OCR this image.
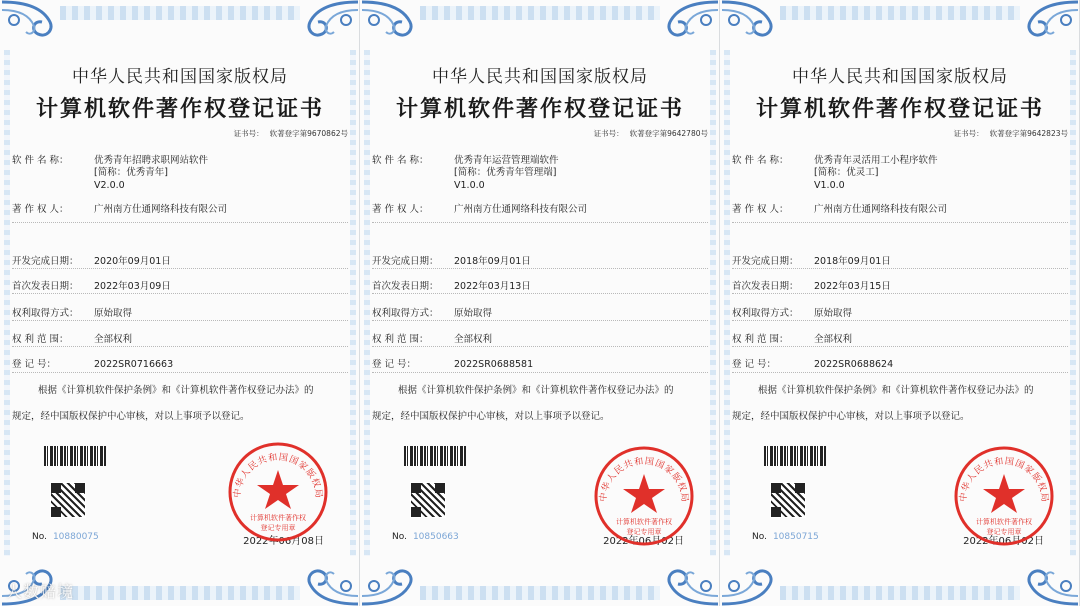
中华人民共和国国家版权局
计算机软件著作权登记证书
证书号： 软著登字第9670862号
软 件 名 称：	优秀青年招聘求职网站软件
[简称：优秀青年]
V2.0.0
著 作 权 人：	广州南方仕通网络科技有限公司
开发完成日期： 2020年09月01日
首次发表日期： 2022年03月09日
权利取得方式： 原始取得
权 利 范 围：	全部权利
登 记 号：	2022SR0716663
根据《计算机软件保护条例》和《计算机软件著作权登记办法》的
规定，经中国版权保护中心审核，对以上事项予以登记。
No. 10880075	2022年06月08日
中华人民共和国国家版权局
计算机软件著作权
登记专用章
中华人民共和国国家版权局
计算机软件著作权登记证书
证书号： 软著登字第9642780号
软 件 名 称：	优秀青年运营管理端软件
[简称：优秀青年管理端]
V1.0.0
著 作 权 人：	广州南方仕通网络科技有限公司
开发完成日期： 2018年09月01日
首次发表日期： 2022年03月13日
权利取得方式： 原始取得
权 利 范 围：	全部权利
登 记 号：	2022SR0688581
根据《计算机软件保护条例》和《计算机软件著作权登记办法》的
规定，经中国版权保护中心审核，对以上事项予以登记。
No. 10850663	2022年06月02日
中华人民共和国国家版权局
计算机软件著作权
登记专用章
中华人民共和国国家版权局
计算机软件著作权登记证书
证书号： 软著登字第9642823号
软 件 名 称：	优秀青年灵活用工小程序软件
[简称：优灵工]
V1.0.0
著 作 权 人：	广州南方仕通网络科技有限公司
开发完成日期： 2018年09月01日
首次发表日期： 2022年03月15日
权利取得方式： 原始取得
权 利 范 围：	全部权利
登 记 号：	2022SR0688624
根据《计算机软件保护条例》和《计算机软件著作权登记办法》的
规定，经中国版权保护中心审核，对以上事项予以登记。
No. 10850715	2022年06月02日
中华人民共和国国家版权局
计算机软件著作权
登记专用章
人数赔境
